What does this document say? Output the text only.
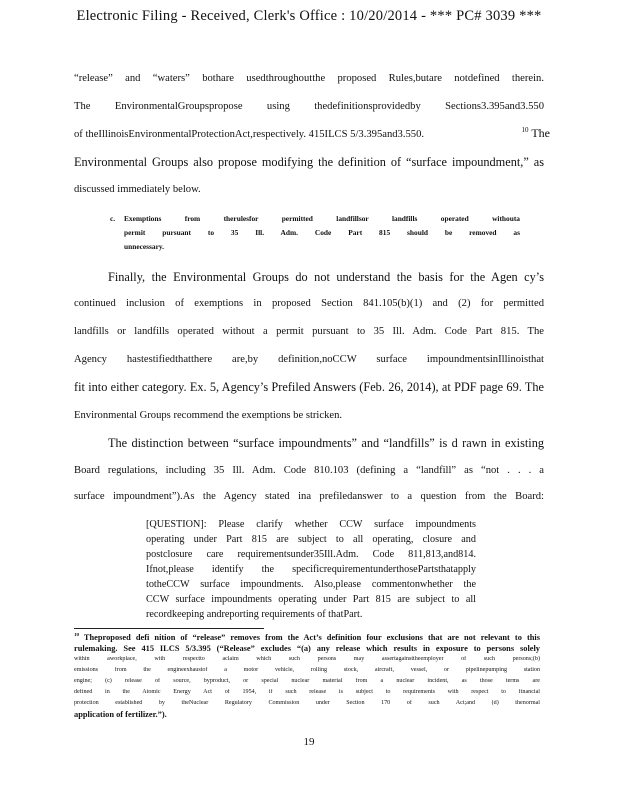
Electronic Filing - Received, Clerk's Office : 10/20/2014 - *** PC# 3039 ***
“release” and “waters” bothare usedthroughoutthe proposed Rules,butare notdefined therein.
The EnvironmentalGroupspropose using thedefinitionsprovidedby Sections3.395and3.550
of theIllinoisEnvironmentalProtectionAct,respectively. 415ILCS 5/3.395and3.550.	$^{10}$ The
Environmental Groups also propose modifying the definition of “surface impoundment,” as
discussed immediately below.
c. Exemptions from therulesfor permitted landfillsor landfills operated withouta
permit pursuant to 35 Ill. Adm. Code Part 815 should be removed as
unnecessary.
Finally, the Environmental Groups do not understand the basis for the Agen cy’s
continued inclusion of exemptions in proposed Section 841.105(b)(1) and (2) for permitted
landfills or landfills operated without a permit pursuant to 35 Ill. Adm. Code Part 815. The
Agency hastestifiedthatthere are,by definition,noCCW surface impoundmentsinIllinoisthat
fit into either category. Ex. 5, Agency’s Prefiled Answers (Feb. 26, 2014), at PDF page 69. The
Environmental Groups recommend the exemptions be stricken.
The distinction between “surface impoundments” and “landfills” is d rawn in existing
Board regulations, including 35 Ill. Adm. Code 810.103 (defining a “landfill” as “not . . . a
surface impoundment”).As the Agency stated ina prefiledanswer to a question from the Board:
[QUESTION]: Please clarify whether CCW surface impoundments
operating under Part 815 are subject to all operating, closure and
postclosure care requirementsunder35Ill.Adm. Code 811,813,and814.
Ifnot,please identify the specificrequirementunderthosePartsthatapply
totheCCW surface impoundments. Also,please commentonwhether the
CCW surface impoundments operating under Part 815 are subject to all
recordkeeping andreporting requirements of thatPart.
$^{10}$ Theproposed defi nition of “release” removes from the Act’s definition four exclusions that are not relevant to this
rulemaking. See 415 ILCS 5/3.395 (“Release” excludes “(a) any release which results in exposure to persons solely
within aworkplace, with respectto aclaim which such persons may assertagainsttheemployer of such persons;(b)
emissions from the engineexhaustof a motor vehicle, rolling stock, aircraft, vessel, or pipelinepumping station
engine; (c) release of source, byproduct, or special nuclear material from a nuclear incident, as those terms are
defined in the Atomic Energy Act of 1954, if such release is subject to requirements with respect to financial
protection established by theNuclear Regulatory Commission under Section 170 of such Act;and (d) thenormal
application of fertilizer.”).
19
